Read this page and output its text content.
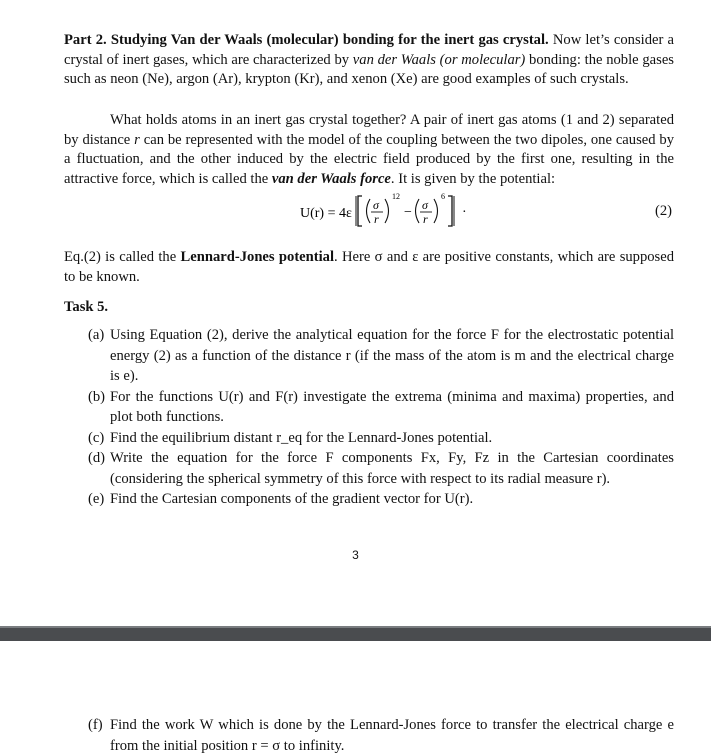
Part 2. Studying Van der Waals (molecular) bonding for the inert gas crystal. Now let’s consider a crystal of inert gases, which are characterized by van der Waals (or molecular) bonding: the noble gases such as neon (Ne), argon (Ar), krypton (Kr), and xenon (Xe) are good examples of such crystals.
What holds atoms in an inert gas crystal together? A pair of inert gas atoms (1 and 2) separated by distance r can be represented with the model of the coupling between the two dipoles, one caused by a fluctuation, and the other induced by the electric field produced by the first one, resulting in the attractive force, which is called the van der Waals force. It is given by the potential:
U(r) = 4ε
σ
r
12
− σ
r
6
·	(2)
Eq.(2) is called the Lennard-Jones potential. Here σ and ε are positive constants, which are supposed to be known.
Task 5.
(a) Using Equation (2), derive the analytical equation for the force F for the electrostatic potential energy (2) as a function of the distance r (if the mass of the atom is m and the electrical charge is e).
(b) For the functions U(r) and F(r) investigate the extrema (minima and maxima) properties, and plot both functions.
(c) Find the equilibrium distant r_eq for the Lennard-Jones potential.
(d) Write the equation for the force F components Fx, Fy, Fz in the Cartesian coordinates (considering the spherical symmetry of this force with respect to its radial measure r).
(e) Find the Cartesian components of the gradient vector for U(r).
3
(f) Find the work W which is done by the Lennard-Jones force to transfer the electrical charge e from the initial position r = σ to infinity.
